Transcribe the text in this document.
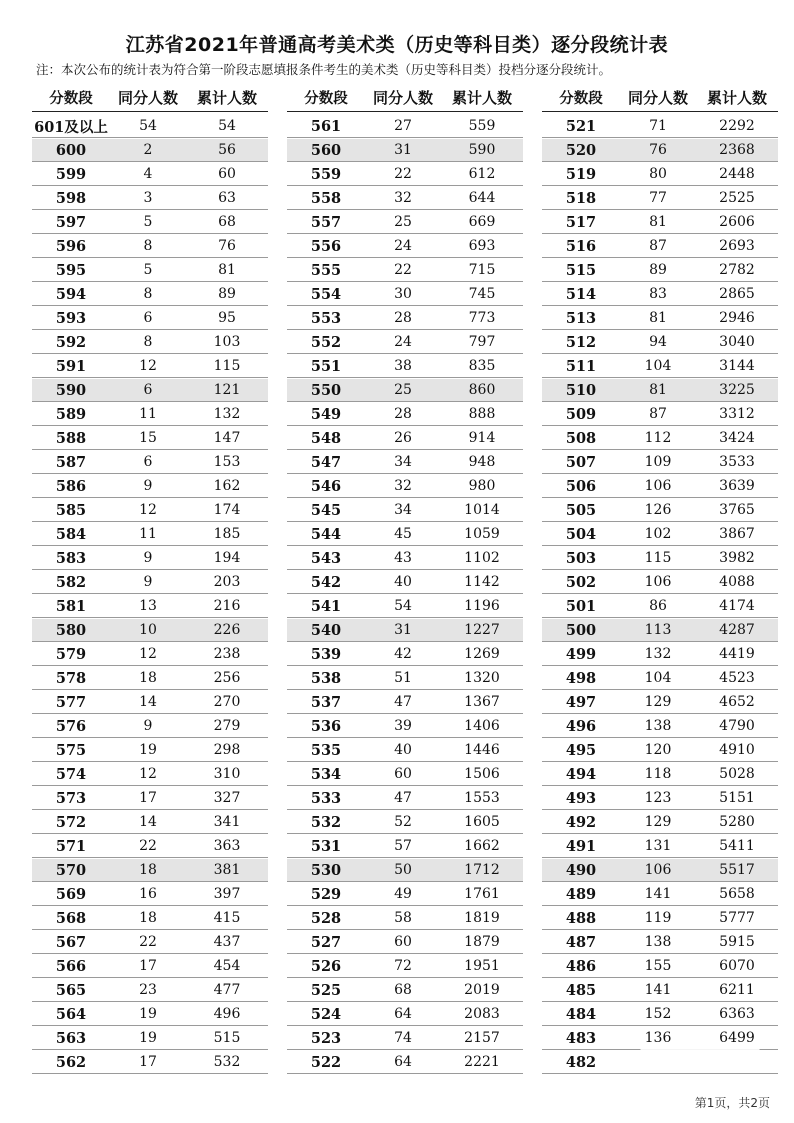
江苏省2021年普通高考美术类（历史等科目类）逐分段统计表
注：本次公布的统计表为符合第一阶段志愿填报条件考生的美术类（历史等科目类）投档分逐分段统计。
分数段	同分人数	累计人数
601及以上	54	54
600	2	56
599	4	60
598	3	63
597	5	68
596	8	76
595	5	81
594	8	89
593	6	95
592	8	103
591	12	115
590	6	121
589	11	132
588	15	147
587	6	153
586	9	162
585	12	174
584	11	185
583	9	194
582	9	203
581	13	216
580	10	226
579	12	238
578	18	256
577	14	270
576	9	279
575	19	298
574	12	310
573	17	327
572	14	341
571	22	363
570	18	381
569	16	397
568	18	415
567	22	437
566	17	454
565	23	477
564	19	496
563	19	515
562	17	532
分数段	同分人数	累计人数
561	27	559
560	31	590
559	22	612
558	32	644
557	25	669
556	24	693
555	22	715
554	30	745
553	28	773
552	24	797
551	38	835
550	25	860
549	28	888
548	26	914
547	34	948
546	32	980
545	34	1014
544	45	1059
543	43	1102
542	40	1142
541	54	1196
540	31	1227
539	42	1269
538	51	1320
537	47	1367
536	39	1406
535	40	1446
534	60	1506
533	47	1553
532	52	1605
531	57	1662
530	50	1712
529	49	1761
528	58	1819
527	60	1879
526	72	1951
525	68	2019
524	64	2083
523	74	2157
522	64	2221
分数段	同分人数	累计人数
521	71	2292
520	76	2368
519	80	2448
518	77	2525
517	81	2606
516	87	2693
515	89	2782
514	83	2865
513	81	2946
512	94	3040
511	104	3144
510	81	3225
509	87	3312
508	112	3424
507	109	3533
506	106	3639
505	126	3765
504	102	3867
503	115	3982
502	106	4088
501	86	4174
500	113	4287
499	132	4419
498	104	4523
497	129	4652
496	138	4790
495	120	4910
494	118	5028
493	123	5151
492	129	5280
491	131	5411
490	106	5517
489	141	5658
488	119	5777
487	138	5915
486	155	6070
485	141	6211
484	152	6363
483	136	6499
482
第1页，共2页
